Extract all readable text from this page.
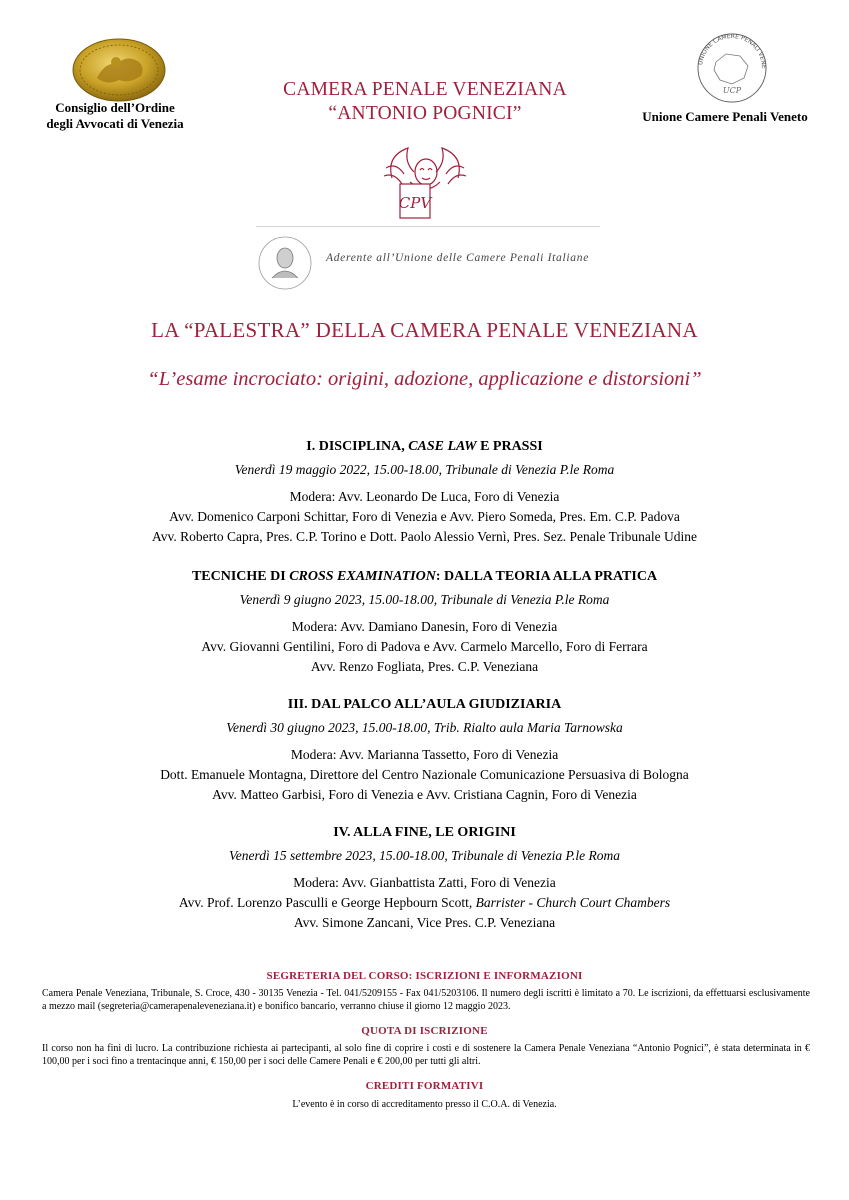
Consiglio dell’Ordine
degli Avvocati di Venezia
CAMERA PENALE VENEZIANA
“ANTONIO POGNICI”
UNIONE CAMERE PENALI VENE
UCP
Unione Camere Penali Veneto
CPV
Aderente all’Unione delle Camere Penali Italiane
LA “PALESTRA” DELLA CAMERA PENALE VENEZIANA
“L’esame incrociato: origini, adozione, applicazione e distorsioni”
I. DISCIPLINA, CASE LAW E PRASSI
Venerdì 19 maggio 2022, 15.00-18.00, Tribunale di Venezia P.le Roma
Modera: Avv. Leonardo De Luca, Foro di Venezia
Avv. Domenico Carponi Schittar, Foro di Venezia e Avv. Piero Someda, Pres. Em. C.P. Padova
Avv. Roberto Capra, Pres. C.P. Torino e Dott. Paolo Alessio Vernì, Pres. Sez. Penale Tribunale Udine
TECNICHE DI CROSS EXAMINATION: DALLA TEORIA ALLA PRATICA
Venerdì 9 giugno 2023, 15.00-18.00, Tribunale di Venezia P.le Roma
Modera: Avv. Damiano Danesin, Foro di Venezia
Avv. Giovanni Gentilini, Foro di Padova e Avv. Carmelo Marcello, Foro di Ferrara
Avv. Renzo Fogliata, Pres. C.P. Veneziana
III. DAL PALCO ALL’AULA GIUDIZIARIA
Venerdì 30 giugno 2023, 15.00-18.00, Trib. Rialto aula Maria Tarnowska
Modera: Avv. Marianna Tassetto, Foro di Venezia
Dott. Emanuele Montagna, Direttore del Centro Nazionale Comunicazione Persuasiva di Bologna
Avv. Matteo Garbisi, Foro di Venezia e Avv. Cristiana Cagnin, Foro di Venezia
IV. ALLA FINE, LE ORIGINI
Venerdì 15 settembre 2023, 15.00-18.00, Tribunale di Venezia P.le Roma
Modera: Avv. Gianbattista Zatti, Foro di Venezia
Avv. Prof. Lorenzo Pasculli e George Hepbourn Scott, Barrister - Church Court Chambers
Avv. Simone Zancani, Vice Pres. C.P. Veneziana
SEGRETERIA DEL CORSO: ISCRIZIONI E INFORMAZIONI
Camera Penale Veneziana, Tribunale, S. Croce, 430 - 30135 Venezia - Tel. 041/5209155 - Fax 041/5203106. Il numero degli iscritti è limitato a 70. Le iscrizioni, da effettuarsi esclusivamente a mezzo mail (segreteria@camerapenaleveneziana.it) e bonifico bancario, verranno chiuse il giorno 12 maggio 2023.
QUOTA DI ISCRIZIONE
Il corso non ha fini di lucro. La contribuzione richiesta ai partecipanti, al solo fine di coprire i costi e di sostenere la Camera Penale Veneziana “Antonio Pognici”, è stata determinata in € 100,00 per i soci fino a trentacinque anni, € 150,00 per i soci delle Camere Penali e € 200,00 per tutti gli altri.
CREDITI FORMATIVI
L’evento è in corso di accreditamento presso il C.O.A. di Venezia.
